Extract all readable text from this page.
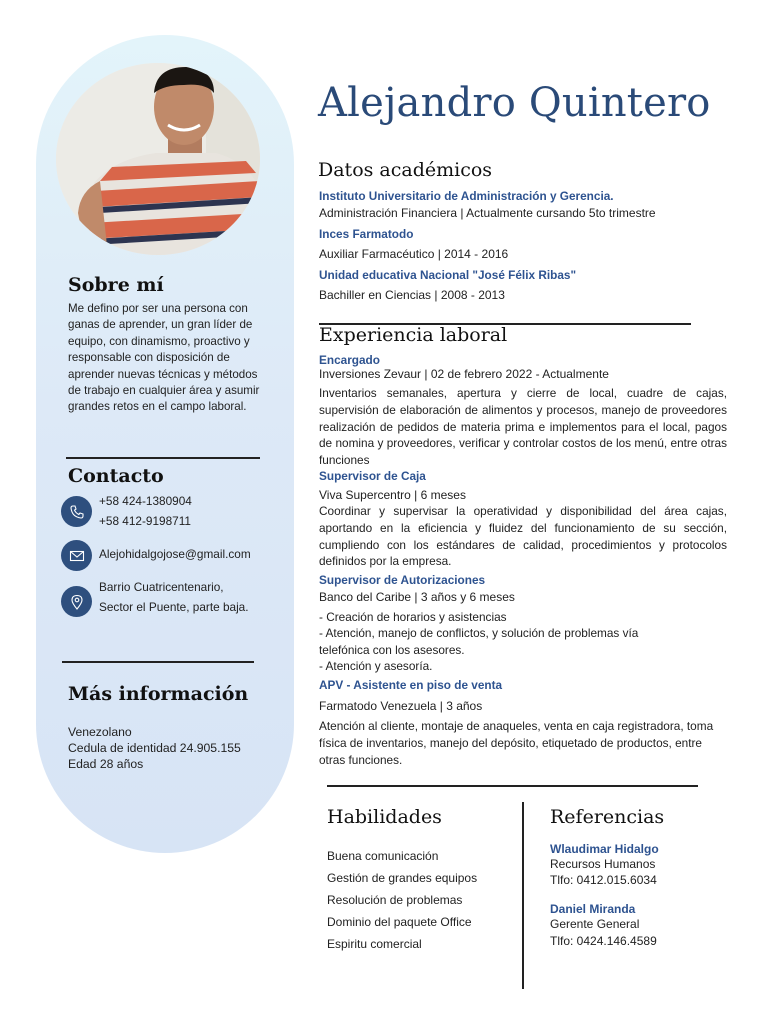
Sobre mí
Me defino por ser una persona con ganas de aprender, un gran líder de equipo, con dinamismo, proactivo y responsable con disposición de aprender nuevas técnicas y métodos de trabajo en cualquier área y asumir grandes retos en el campo laboral.
Contacto
+58 424-1380904
+58 412-9198711
Alejohidalgojose@gmail.com
Barrio Cuatricentenario,
Sector el Puente, parte baja.
Más información
Venezolano
Cedula de identidad 24.905.155
Edad 28 años
Alejandro Quintero
Datos académicos
Instituto Universitario de Administración y Gerencia.
Administración Financiera | Actualmente cursando 5to trimestre
Inces Farmatodo
Auxiliar Farmacéutico | 2014 - 2016
Unidad educativa Nacional "José Félix Ribas"
Bachiller en Ciencias | 2008 - 2013
Experiencia laboral
Encargado
Inversiones Zevaur | 02 de febrero 2022 - Actualmente
Inventarios semanales, apertura y cierre de local, cuadre de cajas, supervisión de elaboración de alimentos y procesos, manejo de proveedores realización de pedidos de materia prima e implementos para el local, pagos de nomina y proveedores, verificar y controlar costos de los menú, entre otras funciones
Supervisor de Caja
Viva Supercentro | 6 meses
Coordinar y supervisar la operatividad y disponibilidad del área cajas, aportando en la eficiencia y fluidez del funcionamiento de su sección, cumpliendo con los estándares de calidad, procedimientos y protocolos definidos por la empresa.
Supervisor de Autorizaciones
Banco del Caribe | 3 años y 6 meses
- Creación de horarios y asistencias
- Atención, manejo de conflictos, y solución de problemas vía
telefónica con los asesores.
- Atención y asesoría.
APV - Asistente en piso de venta
Farmatodo Venezuela | 3 años
Atención al cliente, montaje de anaqueles, venta en caja registradora, toma física de inventarios, manejo del depósito, etiquetado de productos, entre otras funciones.
Habilidades
Buena comunicación
Gestión de grandes equipos
Resolución de problemas
Dominio del paquete Office
Espiritu comercial
Referencias
Wlaudimar Hidalgo
Recursos Humanos
Tlfo: 0412.015.6034
Daniel Miranda
Gerente General
Tlfo: 0424.146.4589
